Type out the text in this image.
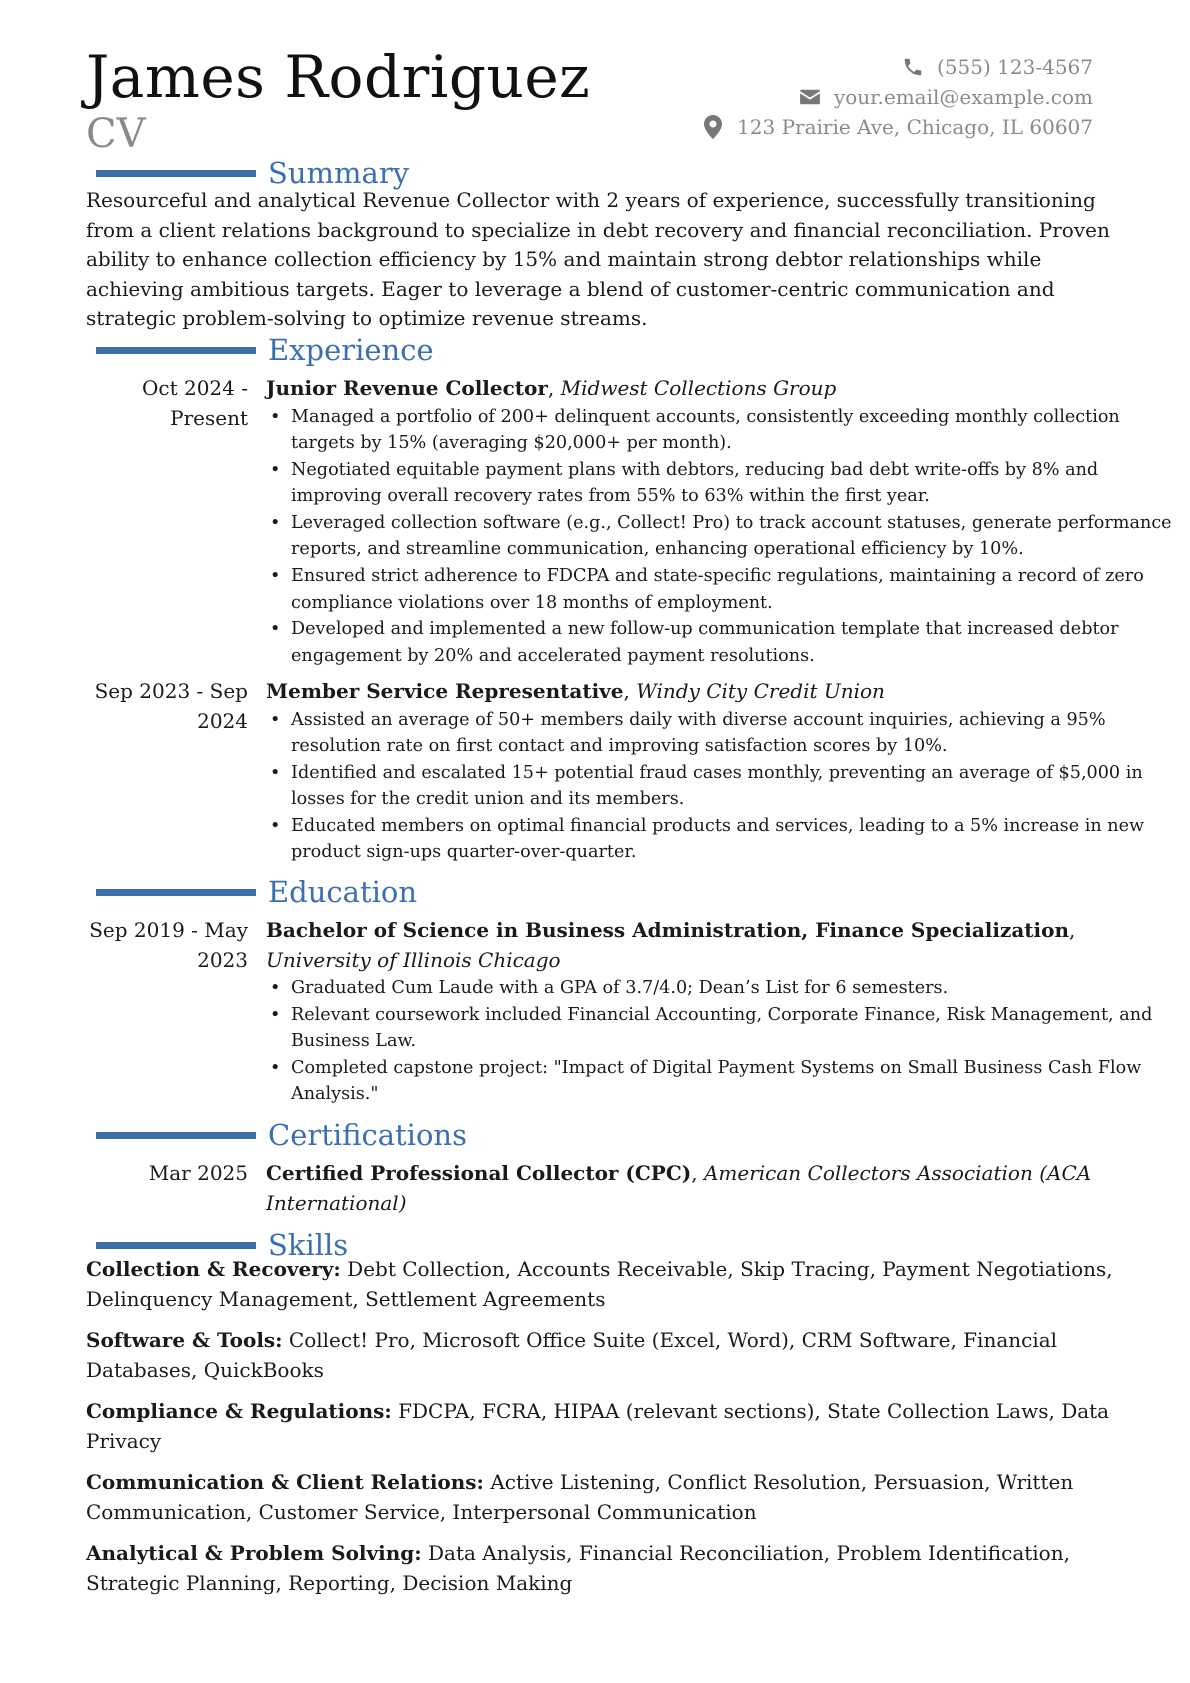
James Rodriguez
CV
(555) 123-4567
your.email@example.com
123 Prairie Ave, Chicago, IL 60607
Summary
Resourceful and analytical Revenue Collector with 2 years of experience, successfully transitioning from a client relations background to specialize in debt recovery and financial reconciliation. Proven ability to enhance collection efficiency by 15% and maintain strong debtor relationships while achieving ambitious targets. Eager to leverage a blend of customer-centric communication and strategic problem-solving to optimize revenue streams.
Experience
Oct 2024 - Present
Junior Revenue Collector, Midwest Collections Group
• Managed a portfolio of 200+ delinquent accounts, consistently exceeding monthly collection targets by 15% (averaging $20,000+ per month).
• Negotiated equitable payment plans with debtors, reducing bad debt write-offs by 8% and improving overall recovery rates from 55% to 63% within the first year.
• Leveraged collection software (e.g., Collect! Pro) to track account statuses, generate performance reports, and streamline communication, enhancing operational efficiency by 10%.
• Ensured strict adherence to FDCPA and state-specific regulations, maintaining a record of zero compliance violations over 18 months of employment.
• Developed and implemented a new follow-up communication template that increased debtor engagement by 20% and accelerated payment resolutions.
Sep 2023 - Sep 2024
Member Service Representative, Windy City Credit Union
• Assisted an average of 50+ members daily with diverse account inquiries, achieving a 95% resolution rate on first contact and improving satisfaction scores by 10%.
• Identified and escalated 15+ potential fraud cases monthly, preventing an average of $5,000 in losses for the credit union and its members.
• Educated members on optimal financial products and services, leading to a 5% increase in new product sign-ups quarter-over-quarter.
Education
Sep 2019 - May 2023
Bachelor of Science in Business Administration, Finance Specialization, University of Illinois Chicago
• Graduated Cum Laude with a GPA of 3.7/4.0; Dean’s List for 6 semesters.
• Relevant coursework included Financial Accounting, Corporate Finance, Risk Management, and Business Law.
• Completed capstone project: "Impact of Digital Payment Systems on Small Business Cash Flow Analysis."
Certifications
Mar 2025 Certified Professional Collector (CPC), American Collectors Association (ACA International)
Skills
Collection & Recovery: Debt Collection, Accounts Receivable, Skip Tracing, Payment Negotiations, Delinquency Management, Settlement Agreements
Software & Tools: Collect! Pro, Microsoft Office Suite (Excel, Word), CRM Software, Financial Databases, QuickBooks
Compliance & Regulations: FDCPA, FCRA, HIPAA (relevant sections), State Collection Laws, Data Privacy
Communication & Client Relations: Active Listening, Conflict Resolution, Persuasion, Written Communication, Customer Service, Interpersonal Communication
Analytical & Problem Solving: Data Analysis, Financial Reconciliation, Problem Identification, Strategic Planning, Reporting, Decision Making
